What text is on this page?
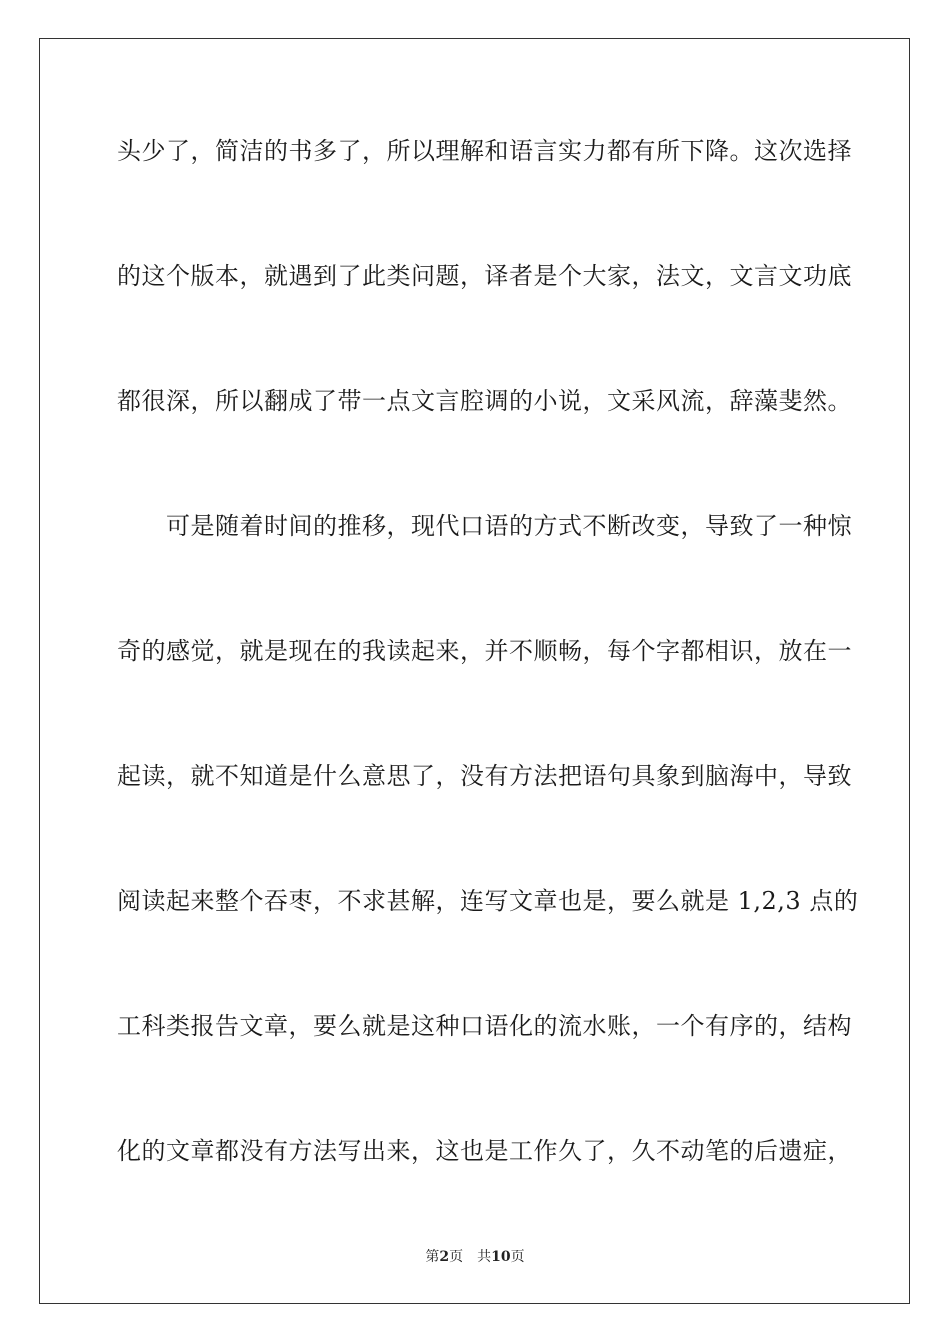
头少了，简洁的书多了，所以理解和语言实力都有所下降。这次选择
的这个版本，就遇到了此类问题，译者是个大家，法文，文言文功底
都很深，所以翻成了带一点文言腔调的小说，文采风流，辞藻斐然。
　　可是随着时间的推移，现代口语的方式不断改变，导致了一种惊
奇的感觉，就是现在的我读起来，并不顺畅，每个字都相识，放在一
起读，就不知道是什么意思了，没有方法把语句具象到脑海中，导致
阅读起来整个吞枣，不求甚解，连写文章也是，要么就是 1,2,3 点的
工科类报告文章，要么就是这种口语化的流水账，一个有序的，结构
化的文章都没有方法写出来，这也是工作久了，久不动笔的后遗症，
第2页 共10页
